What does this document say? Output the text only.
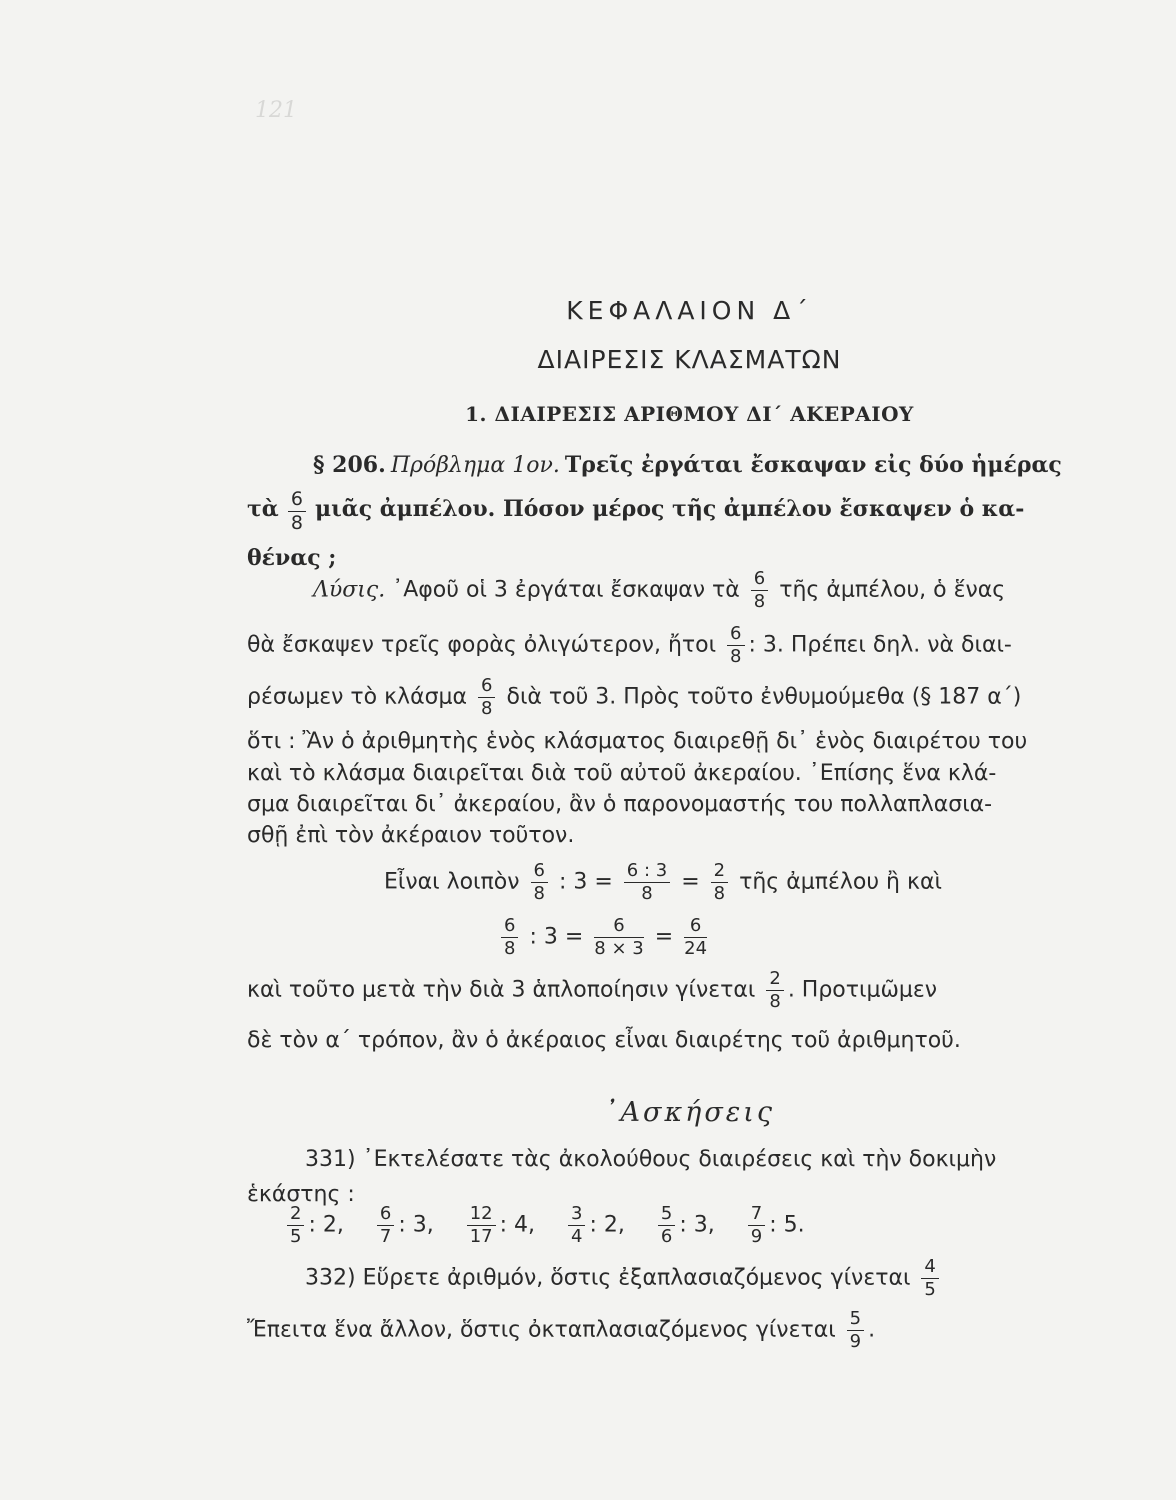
121
ΚΕΦΑΛΑΙΟΝ Δ΄
ΔΙΑΙΡΕΣΙΣ ΚΛΑΣΜΑΤΩΝ
1. ΔΙΑΙΡΕΣΙΣ ΑΡΙΘΜΟΥ ΔΙ΄ ΑΚΕΡΑΙΟΥ
§ 206. Πρόβλημα 1ον. Τρεῖς ἐργάται ἔσκαψαν εἰς δύο ἡμέρας
τὰ $\frac{6}{8}$ μιᾶς ἀμπέλου. Πόσον μέρος τῆς ἀμπέλου ἔσκαψεν ὁ κα-
θένας ;
Λύσις. ᾿Αφοῦ οἱ 3 ἐργάται ἔσκαψαν τὰ $\frac{6}{8}$ τῆς ἀμπέλου, ὁ ἕνας
θὰ ἔσκαψεν τρεῖς φορὰς ὀλιγώτερον, ἤτοι $\frac{6}{8}$ : 3. Πρέπει δηλ. νὰ διαι-
ρέσωμεν τὸ κλάσμα $\frac{6}{8}$ διὰ τοῦ 3. Πρὸς τοῦτο ἐνθυμούμεθα (§ 187 α΄)
ὅτι : Ἂν ὁ ἀριθμητὴς ἑνὸς κλάσματος διαιρεθῇ δι᾿ ἑνὸς διαιρέτου του
καὶ τὸ κλάσμα διαιρεῖται διὰ τοῦ αὐτοῦ ἀκεραίου. ᾿Επίσης ἕνα κλά-
σμα διαιρεῖται δι᾿ ἀκεραίου, ἂν ὁ παρονομαστής του πολλαπλασια-
σθῇ ἐπὶ τὸν ἀκέραιον τοῦτον.
Εἶναι λοιπὸν $\frac{6}{8}$ : $3 = \frac{6 : 3}{8} = \frac{2}{8}$ τῆς ἀμπέλου ἢ καὶ
$\frac{6}{8}$ : $3 = \frac{6}{8 \times 3} = \frac{6}{24}$
καὶ τοῦτο μετὰ τὴν διὰ 3 ἁπλοποίησιν γίνεται $\frac{2}{8}$ . Προτιμῶμεν
δὲ τὸν α΄ τρόπον, ἂν ὁ ἀκέραιος εἶναι διαιρέτης τοῦ ἀριθμητοῦ.
᾿Ασκήσεις
331) ᾿Εκτελέσατε τὰς ἀκολούθους διαιρέσεις καὶ τὴν δοκιμὴν
ἑκάστης :
$\frac{2}{5}$ : 2, $\frac{6}{7}$ : 3, $\frac{12}{17}$ : 4, $\frac{3}{4}$ : 2, $\frac{5}{6}$ : 3, $\frac{7}{9}$ : 5.
332) Εὕρετε ἀριθμόν, ὅστις ἐξαπλασιαζόμενος γίνεται $\frac{4}{5}$
Ἔπειτα ἕνα ἄλλον, ὅστις ὀκταπλασιαζόμενος γίνεται $\frac{5}{9}$ .
